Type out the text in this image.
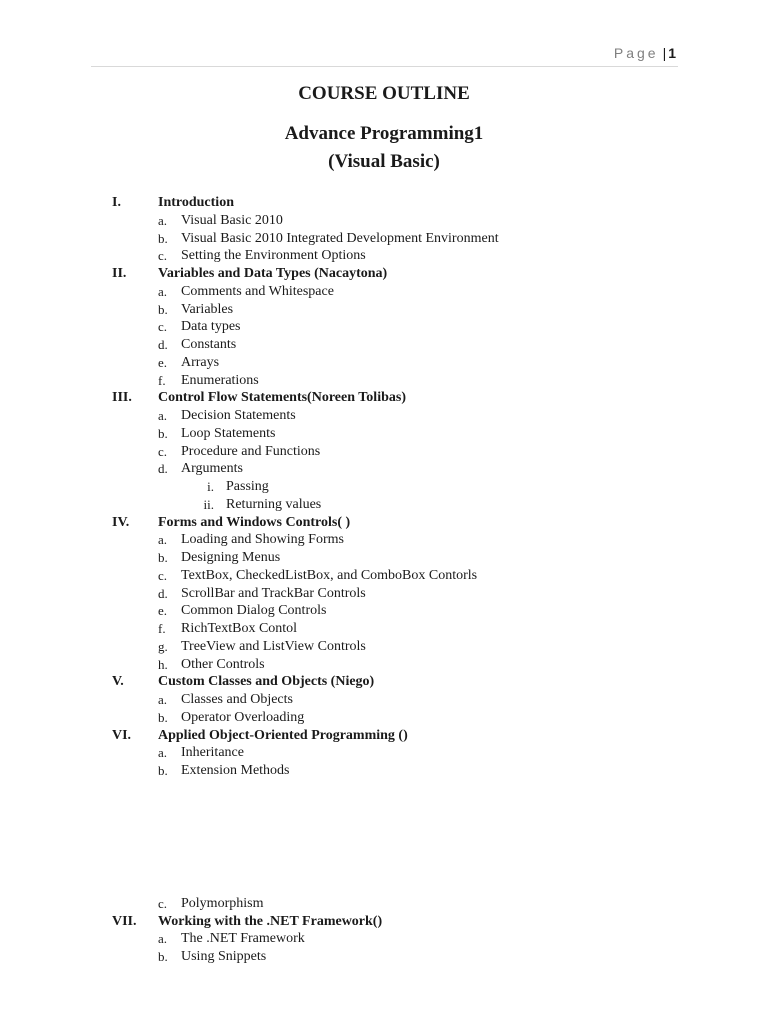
Page | 1
COURSE OUTLINE
Advance Programming1
(Visual Basic)
I.	Introduction
a. Visual Basic 2010
b. Visual Basic 2010 Integrated Development Environment
c. Setting the Environment Options
II. Variables and Data Types (Nacaytona)
a. Comments and Whitespace
b. Variables
c. Data types
d. Constants
e. Arrays
f. Enumerations
III. Control Flow Statements(Noreen Tolibas)
a. Decision Statements
b. Loop Statements
c. Procedure and Functions
d. Arguments
i. Passing
ii. Returning values
IV. Forms and Windows Controls( )
a. Loading and Showing Forms
b. Designing Menus
c. TextBox, CheckedListBox, and ComboBox Contorls
d. ScrollBar and TrackBar Controls
e. Common Dialog Controls
f. RichTextBox Contol
g. TreeView and ListView Controls
h. Other Controls
V. Custom Classes and Objects (Niego)
a. Classes and Objects
b. Operator Overloading
VI. Applied Object-Oriented Programming ()
a. Inheritance
b. Extension Methods
c. Polymorphism
VII. Working with the .NET Framework()
a. The .NET Framework
b. Using Snippets
